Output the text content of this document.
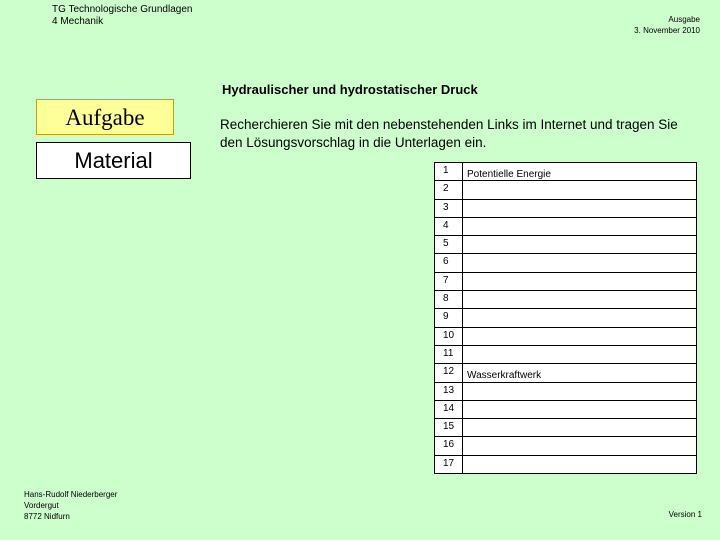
TG Technologische Grundlagen
4 Mechanik	Ausgabe
3. November 2010
Hydraulischer und hydrostatischer Druck
Aufgabe
Material
Recherchieren Sie mit den nebenstehenden Links im Internet und tragen Sie den Lösungsvorschlag in die Unterlagen ein.
1	Potentielle Energie
2	
3	
4	
5	
6	
7	
8	
9	
10	
11	
12	Wasserkraftwerk
13	
14	
15	
16	
17	
Hans-Rudolf Niederberger
Vordergut
8772 Nidfurn	Version 1
